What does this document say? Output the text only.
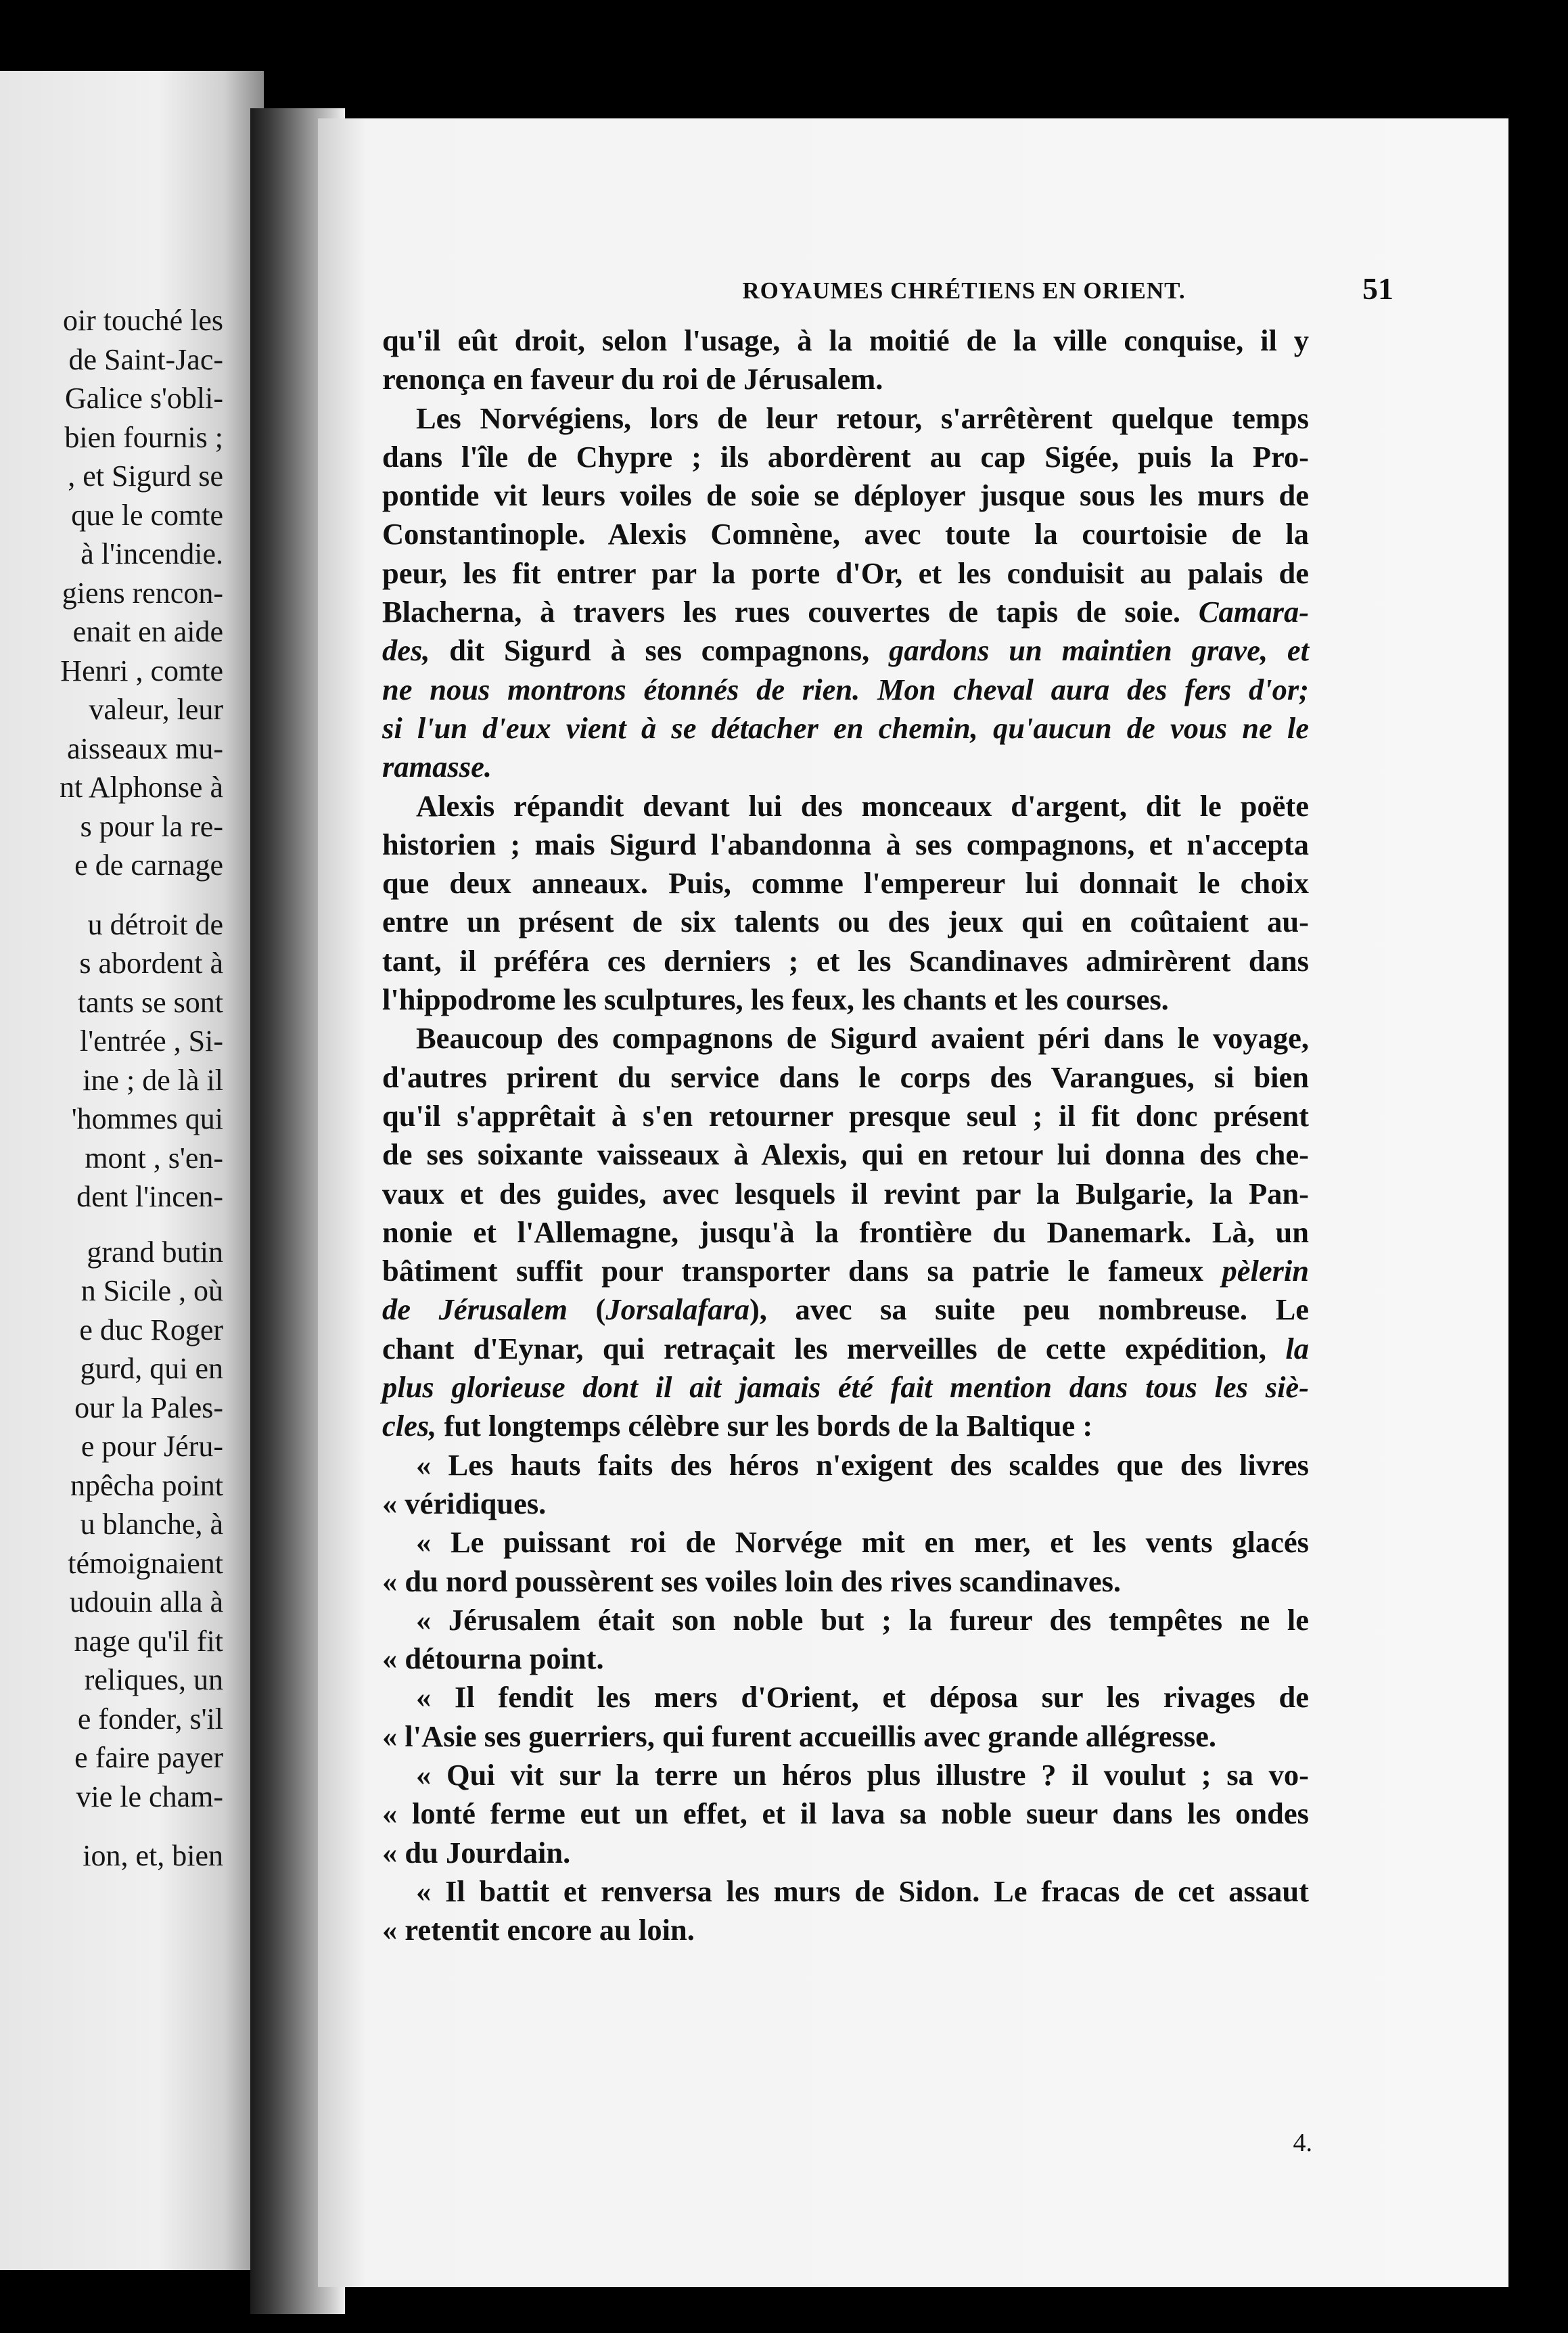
oir touché les
de Saint-Jac-
Galice s'obli-
bien fournis ;
, et Sigurd se
que le comte
à l'incendie.
giens rencon-
enait en aide
Henri , comte
valeur, leur
aisseaux mu-
nt Alphonse à
s pour la re-
e de carnage
u détroit de
s abordent à
tants se sont
l'entrée , Si-
ine ; de là il
'hommes qui
mont , s'en-
dent l'incen-
grand butin
n Sicile , où
e duc Roger
gurd, qui en
our la Pales-
e pour Jéru-
npêcha point
u blanche, à
témoignaient
udouin alla à
nage qu'il fit
reliques, un
e fonder, s'il
e faire payer
vie le cham-
ion, et, bien
ROYAUMES CHRÉTIENS EN ORIENT.	51
qu'il eût droit, selon l'usage, à la moitié de la ville conquise, il y
renonça en faveur du roi de Jérusalem.
Les Norvégiens, lors de leur retour, s'arrêtèrent quelque temps
dans l'île de Chypre ; ils abordèrent au cap Sigée, puis la Pro-
pontide vit leurs voiles de soie se déployer jusque sous les murs de
Constantinople. Alexis Comnène, avec toute la courtoisie de la
peur, les fit entrer par la porte d'Or, et les conduisit au palais de
Blacherna, à travers les rues couvertes de tapis de soie. Camara-
des, dit Sigurd à ses compagnons, gardons un maintien grave, et
ne nous montrons étonnés de rien. Mon cheval aura des fers d'or;
si l'un d'eux vient à se détacher en chemin, qu'aucun de vous ne le
ramasse.
Alexis répandit devant lui des monceaux d'argent, dit le poëte
historien ; mais Sigurd l'abandonna à ses compagnons, et n'accepta
que deux anneaux. Puis, comme l'empereur lui donnait le choix
entre un présent de six talents ou des jeux qui en coûtaient au-
tant, il préféra ces derniers ; et les Scandinaves admirèrent dans
l'hippodrome les sculptures, les feux, les chants et les courses.
Beaucoup des compagnons de Sigurd avaient péri dans le voyage,
d'autres prirent du service dans le corps des Varangues, si bien
qu'il s'apprêtait à s'en retourner presque seul ; il fit donc présent
de ses soixante vaisseaux à Alexis, qui en retour lui donna des che-
vaux et des guides, avec lesquels il revint par la Bulgarie, la Pan-
nonie et l'Allemagne, jusqu'à la frontière du Danemark. Là, un
bâtiment suffit pour transporter dans sa patrie le fameux pèlerin
de Jérusalem (Jorsalafara), avec sa suite peu nombreuse. Le
chant d'Eynar, qui retraçait les merveilles de cette expédition, la
plus glorieuse dont il ait jamais été fait mention dans tous les siè-
cles, fut longtemps célèbre sur les bords de la Baltique :
« Les hauts faits des héros n'exigent des scaldes que des livres
« véridiques.
« Le puissant roi de Norvége mit en mer, et les vents glacés
« du nord poussèrent ses voiles loin des rives scandinaves.
« Jérusalem était son noble but ; la fureur des tempêtes ne le
« détourna point.
« Il fendit les mers d'Orient, et déposa sur les rivages de
« l'Asie ses guerriers, qui furent accueillis avec grande allégresse.
« Qui vit sur la terre un héros plus illustre ? il voulut ; sa vo-
« lonté ferme eut un effet, et il lava sa noble sueur dans les ondes
« du Jourdain.
« Il battit et renversa les murs de Sidon. Le fracas de cet assaut
« retentit encore au loin.
4.
